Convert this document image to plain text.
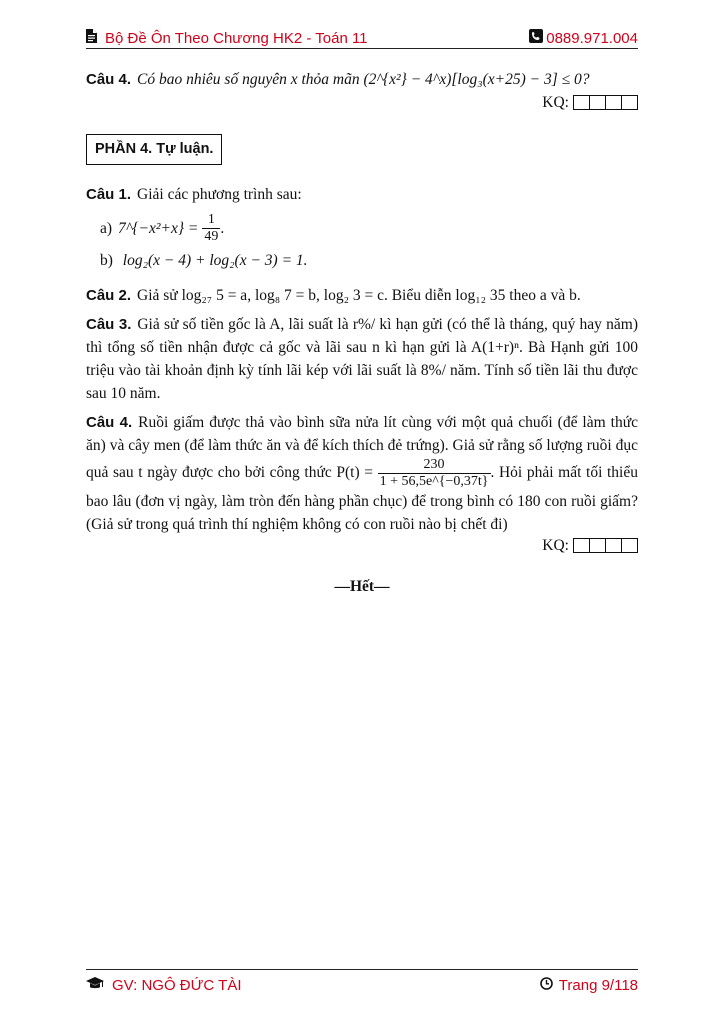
Bộ Đề Ôn Theo Chương HK2 - Toán 11	0889.971.004

Câu 4. Có bao nhiêu số nguyên x thỏa mãn (2^{x²} − 4^x)[log₃(x+25) − 3] ≤ 0?

KQ:
PHẦN 4. Tự luận.

Câu 1. Giải các phương trình sau:

a) 7^{−x²+x} = $\frac{1}{49}$ .
b) log₂(x − 4) + log₂(x − 3) = 1.

Câu 2. Giả sử log₂₇ 5 = a, log₈ 7 = b, log₂ 3 = c. Biểu diễn log₁₂ 35 theo a và b.

Câu 3. Giả sử số tiền gốc là A, lãi suất là r%/ kì hạn gửi (có thể là tháng, quý hay năm) thì tổng số tiền nhận được cả gốc và lãi sau n kì hạn gửi là A(1+r)ⁿ. Bà Hạnh gửi 100 triệu vào tài khoản định kỳ tính lãi kép với lãi suất là 8%/ năm. Tính số tiền lãi thu được sau 10 năm.

Câu 4. Ruồi giấm được thả vào bình sữa nửa lít cùng với một quả chuối (để làm thức ăn) và cây men (để làm thức ăn và để kích thích đẻ trứng). Giả sử rằng số lượng ruồi đục quả sau t ngày được cho bởi công thức $P(t) = \frac{230}{1 + 56,5e\^{}\{-0,37t\}}$ . Hỏi phải mất tối thiểu bao lâu (đơn vị ngày, làm tròn đến hàng phần chục) để trong bình có 180 con ruồi giấm? (Giả sử trong quá trình thí nghiệm không có con ruồi nào bị chết đi)

KQ:
—Hết—
GV: NGÔ ĐỨC TÀI	Trang 9/118
